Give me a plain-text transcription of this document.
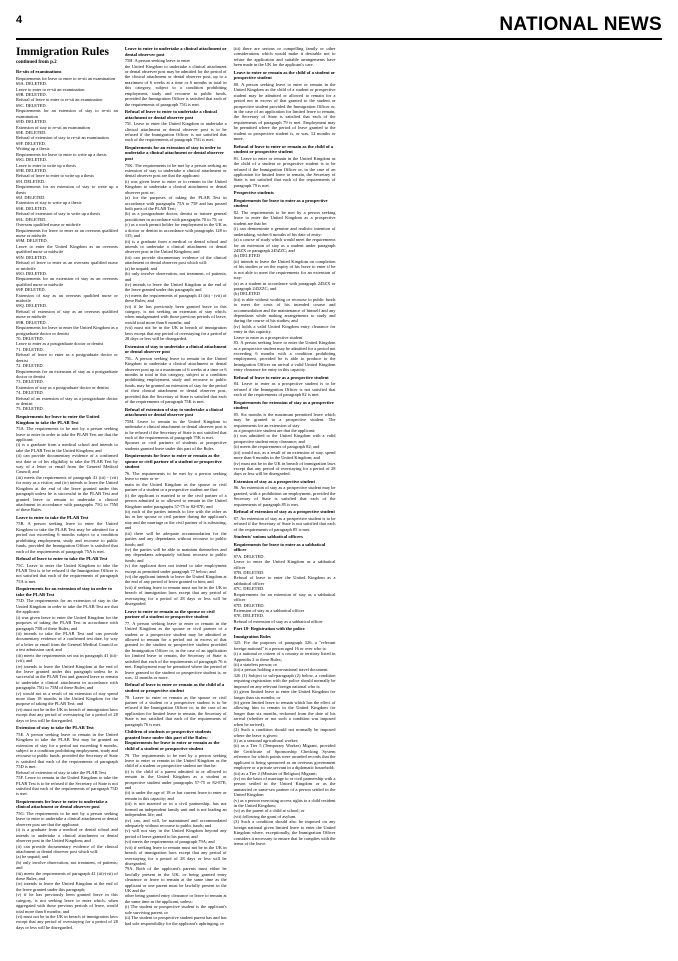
4	NATIONAL NEWS
Immigration Rules
continued from p.2
Re-sits of examinations

Requirements for leave to enter to re-sit an examination

69A. DELETED.

Leave to enter to re-sit an examination

69B. DELETED.

Refusal of leave to enter to re-sit an examination

69C. DELETED.

Requirements for an extension of stay to re-sit an examination

69D. DELETED.

Extension of stay to re-sit an examination

69E. DELETED.

Refusal of extension of stay to re-sit an examination

69F. DELETED.

Writing up a thesis

Requirements for leave to enter to write up a thesis

69G. DELETED.

Leave to enter to write up a thesis

69H. DELETED.

Refusal of leave to enter to write up a thesis

69I. DELETED.

Requirements for an extension of stay to write up a thesis

69J. DELETED.

Extension of stay to write up a thesis

69K. DELETED.

Refusal of extension of stay to write up a thesis

69L. DELETED.

Overseas qualified nurse or midwife

Requirements for leave to enter as an overseas qualified nurse or midwife

69M. DELETED.

Leave to enter the United Kingdom as an overseas qualified nurse or midwife

69N. DELETED.

Refusal of leave to enter as an overseas qualified nurse or midwife

69O. DELETED.

Requirements for an extension of stay as an overseas qualified nurse or midwife

69P. DELETED.

Extension of stay as an overseas qualified nurse or midwife

69Q. DELETED.

Refusal of extension of stay as an overseas qualified nurse or midwife

69R. DELETED.

Requirements for leave to enter the United Kingdom as a postgraduate doctor or dentist

70. DELETED.

Leave to enter as a postgraduate doctor or dentist

71. DELETED.

Refusal of leave to enter as a postgraduate doctor or dentist

72. DELETED.

Requirements for an extension of stay as a postgraduate doctor or dentist

73. DELETED.

Extension of stay as a postgraduate doctor or dentist

74. DELETED.

Refusal of an extension of stay as a postgraduate doctor or dentist

75. DELETED.

Requirements for leave to enter the United Kingdom to take the PLAB Test

75A. The requirements to be met by a person seeking leave to enter in order to take the PLAB Test are that the applicant:

(i) is a graduate from a medical school and intends to take the PLAB Test in the United Kingdom; and

(ii) can provide documentary evidence of a confirmed test date or of his eligibility to take the PLAB Test by way of a letter or email from the General Medical Council; and

(iii) meets the requirements of paragraph 41 (iii) - (vii) for entry as a visitor; and (iv) intends to leave the United Kingdom at the end of the leave granted under this paragraph unless he is successful in the PLAB Test and granted leave to remain to undertake a clinical attachment in accordance with paragraphs 75G to 75M of these Rules.

Leave to enter to take the PLAB Test

75B. A person seeking leave to enter the United Kingdom to take the PLAB Test may be admitted for a period not exceeding 6 months subject to a condition prohibiting employment, study and recourse to public funds, provided the Immigration Officer is satisfied that each of the requirements of paragraph 75A is met.

Refusal of leave to enter to take the PLAB Test

75C. Leave to enter the United Kingdom to take the PLAB Test is to be refused if the Immigration Officer is not satisfied that each of the requirements of paragraph 75A is met.

Requirements for an extension of stay in order to take the PLAB Test

75D. The requirements for an extension of stay in the United Kingdom in order to take the PLAB Test are that the applicant:

(i) was given leave to enter the United Kingdom for the purposes of taking the PLAB Test in accordance with paragraph 75B of these Rules; and

(ii) intends to take the PLAB Test and can provide documentary evidence of a confirmed test date, by way of a letter or email from the General Medical Council or a test admission card; and

(iii) meets the requirements set out in paragraph 41 (iii)-(vii); and

(iv) intends to leave the United Kingdom at the end of the leave granted under this paragraph unless he is successful in the PLAB Test and granted leave to remain to undertake a clinical attachment in accordance with paragraphs 75G to 75M of these Rules; and

(v) would not as a result of an extension of stay spend more than 18 months in the United Kingdom for the purpose of taking the PLAB Test; and

(vi) must not be in the UK in breach of immigration laws except that any period of overstaying for a period of 28 days or less will be disregarded.

Extension of stay to take the PLAB Test

75E. A person seeking leave to remain in the United Kingdom to take the PLAB Test may be granted an extension of stay for a period not exceeding 6 months, subject to a condition prohibiting employment, study and recourse to public funds, provided the Secretary of State is satisfied that each of the requirements of paragraph 75D is met.

Refusal of extension of stay to take the PLAB Test

75F. Leave to remain in the United Kingdom to take the PLAB Test is to be refused if the Secretary of State is not satisfied that each of the requirements of paragraph 75D is met.

Requirements for leave to enter to undertake a clinical attachment or dental observer post

75G. The requirements to be met by a person seeking leave to enter to undertake a clinical attachment or dental observer post are that the applicant:

(i) is a graduate from a medical or dental school and intends to undertake a clinical attachment or dental observer post in the United Kingdom; and

(ii) can provide documentary evidence of the clinical attachment or dental observer post which will:

(a) be unpaid; and

(b) only involve observation, not treatment, of patients; and

(iii) meets the requirements of paragraph 41 (iii)-(vii) of these Rules; and

(iv) intends to leave the United Kingdom at the end of the leave granted under this paragraph;

(v) if he has previously been granted leave in this category, is not seeking leave to enter which, when aggregated with those previous periods of leave, would total more than 6 months; and

(vi) must not be in the UK in breach of immigration laws except that any period of overstaying for a period of 28 days or less will be disregarded.

Leave to enter to undertake a clinical attachment or dental observer post

75H. A person seeking leave to enter

the United Kingdom to undertake a clinical attachment or dental observer post may be admitted for the period of the clinical attachment or dental observer post, up to a maximum of 6 weeks at a time or 6 months in total in this category, subject to a condition prohibiting employment, study and recourse to public funds, provided the Immigration Officer is satisfied that each of the requirements of paragraph 75G is met.

Refusal of leave to enter to undertake a clinical attachment or dental observer post

75I. Leave to enter the United Kingdom to undertake a clinical attachment or dental observer post is to be refused if the Immigration Officer is not satisfied that each of the requirements of paragraph 75G is met.

Requirements for an extension of stay in order to undertake a clinical attachment or dental observer post

75K. The requirements to be met by a person seeking an extension of stay to undertake a clinical attachment or dental observer post are that the applicant:

(i) was given leave to enter or to remain in the United Kingdom to undertake a clinical attachment or dental observer post or;

(a) for the purposes of taking the PLAB Test in accordance with paragraphs 75A to 75F and has passed both parts of the PLAB Test;

(b) as a postgraduate doctor, dentist or trainee general practitioner in accordance with paragraphs 70 to 75; or

(c) as a work permit holder for employment in the UK as a doctor or dentist in accordance with paragraphs 128 to 135; and

(ii) is a graduate from a medical or dental school and intends to undertake a clinical attachment or dental observer post in the United Kingdom; and

(iii) can provide documentary evidence of the clinical attachment or dental observer post which will:

(a) be unpaid; and

(b) only involve observation, not treatment, of patients; and

(iv) intends to leave the United Kingdom at the end of the leave granted under this paragraph; and

(v) meets the requirements of paragraph 41 (iii) - (vii) of these Rules; and

(vi) if he has previously been granted leave in this category, is not seeking an extension of stay which, when amalgamated with those previous periods of leave, would total more than 6 months; and

(vii) must not be in the UK in breach of immigration laws except that any period of overstaying for a period of 28 days or less will be disregarded.

Extension of stay to undertake a clinical attachment or dental observer post

75L. A person seeking leave to remain in the United Kingdom to undertake a clinical attachment or dental observer post up to a maximum of 6 weeks at a time or 6 months in total in this category, subject to a condition prohibiting employment, study and recourse to public funds, may be granted an extension of stay for the period of their clinical attachment or dental observer post, provided that the Secretary of State is satisfied that each of the requirements of paragraph 75K is met.

Refusal of extension of stay to undertake a clinical attachment or dental observer post

75M. Leave to remain in the United Kingdom to undertake a clinical attachment or dental observer post is to be refused if the Secretary of State is not satisfied that each of the requirements of paragraph 75K is met.

Spouses or civil partners of students or prospective students granted leave under this part of the Rules

Requirements for leave to enter or remain as the spouse or civil partner of a student or prospective student

76. The requirements to be met by a person seeking leave to enter or re-

main in the United Kingdom as the spouse or civil partner of a student or a prospective student are that:

(i) the applicant is married to or the civil partner of a person admitted to or allowed to remain in the United Kingdom under paragraphs 57-75 or 82-87E; and

(ii) each of the parties intends to live with the other as his or her spouse or civil partner during the applicant's stay and the marriage or the civil partner of is subsisting; and

(iii) there will be adequate accommodation for the parties and any dependants without recourse to public funds; and

(iv) the parties will be able to maintain themselves and any dependants adequately without recourse to public funds; and

(v) the applicant does not intend to take employment except as permitted under paragraph 77 below; and

(vi) the applicant intends to leave the United Kingdom at the end of any period of leave granted to him; and

(vii) if seeking leave to remain must not be in the UK in breach of immigration laws except that any period of overstaying for a period of 28 days or less will be disregarded.

Leave to enter or remain as the spouse or civil partner of a student or prospective student

77. A person seeking leave to enter or remain in the United Kingdom as the spouse or civil partner of a student or a prospective student may be admitted or allowed to remain for a period not in excess of that granted to the student or prospective student provided the Immigration Officer or, in the case of an application for limited leave to remain, the Secretary of State is satisfied that each of the requirements of paragraph 76 is met. Employment may be permitted where the period of leave granted to the student or prospective student is, or was, 12 months or more.

Refusal of leave to enter or remain as the child of a student or prospective student

78. Leave to enter or remain as the spouse or civil partner of a student or a prospective student is to be refused if the Immigration Officer or, in the case of an application for limited leave to remain, the Secretary of State is not satisfied that each of the requirements of paragraph 76 is met.

Children of students or prospective students granted leave under this part of the Rules: Requirements for leave to enter or remain as the child of a student or prospective student

79. The requirements to be met by a person seeking leave to enter or remain in the United Kingdom as the child of a student or prospective student are that he:

(i) is the child of a parent admitted to or allowed to remain in the United Kingdom as a student or prospective student under paragraphs 57-75 or 82-87E; and

(ii) is under the age of 18 or has current leave to enter or remain in this capacity; and

(iii) is not married or in a civil partnership, has not formed an independent family unit and is not leading an independent life; and

(iv) can, and will, be maintained and accommodated adequately without recourse to public funds; and

(v) will not stay in the United Kingdom beyond any period of leave granted to his parent; and

(vi) meets the requirements of paragraph 79A; and

(vii) if seeking leave to remain must not be in the UK in breach of immigration laws except that any period of overstaying for a period of 28 days or less will be disregarded.

79A. Both of the applicant's parents must either be lawfully present in the UK, or being granted entry clearance or leave to remain at the same time as the applicant or one parent must be lawfully present in the UK and the

other being granted entry clearance or leave to remain at the same time as the applicant, unless:

(i) The student or prospective student is the applicant's sole surviving parent, or

(ii) The student or prospective student parent has and has had sole responsibility for the applicant's upbringing, or

(iii) there are serious or compelling family or other considerations which would make it desirable not to refuse the application and suitable arrangements have been made in the UK for the applicant's care.

Leave to enter or remain as the child of a student or prospective student

80. A person seeking leave to enter or remain in the United Kingdom as the child of a student or prospective student may be admitted or allowed to remain for a period not in excess of that granted to the student or prospective student provided the Immigration Officer or, in the case of an application for limited leave to remain, the Secretary of State is satisfied that each of the requirements of paragraph 79 is met. Employment may be permitted where the period of leave granted to the student or prospective student is, or was, 12 months or more.

Refusal of leave to enter or remain as the child of a student or prospective student

81. Leave to enter or remain in the United Kingdom as the child of a student or prospective student is to be refused if the Immigration Officer or, in the case of an application for limited leave to remain, the Secretary of State is not satisfied that each of the requirements of paragraph 79 is met.

Prospective students

Requirements for leave to enter as a prospective student

82. The requirements to be met by a person seeking leave to enter the United Kingdom as a prospective student are that he:

(i) can demonstrate a genuine and realistic intention of undertaking, within 6 months of his date of entry:

(a) a course of study which would meet the requirements for an extension of stay as a student under paragraph 245ZX or paragraph 245ZZC; and

(b) DELETED

(ii) intends to leave the United Kingdom on completion of his studies or on the expiry of his leave to enter if he is not able to meet the requirements for an extension of stay:

(a) as a student in accordance with paragraph 245ZX or paragraph 245ZZC; and

(b) DELETED

(iii) is able without working or recourse to public funds to meet the costs of his intended course and accommodation and the maintenance of himself and any dependants while making arrangements to study and during the course of his studies; and

(iv) holds a valid United Kingdom entry clearance for entry in this capacity.

Leave to enter as a prospective student

83. A person seeking leave to enter the United Kingdom as a prospective student may be admitted for a period not exceeding 6 months with a condition prohibiting employment, provided he is able to produce to the Immigration Officer on arrival a valid United Kingdom entry clearance for entry in this capacity.

Refusal of leave to enter as a prospective student

84. Leave to enter as a prospective student is to be refused if the Immigration Officer is not satisfied that each of the requirements of paragraph 82 is met.

Requirements for extension of stay as a prospective student

85. Six months is the maximum permitted leave which may be granted to a prospective student. The requirements for an extension of stay

as a prospective student are that the applicant:

(i) was admitted to the United Kingdom with a valid prospective student entry clearance; and

(ii) meets the requirements of paragraph 82; and

(iii) would not, as a result of an extension of stay, spend more than 6 months in the United Kingdom; and

(iv) must not be in the UK in breach of immigration laws except that any period of overstaying for a period of 28 days or less will be disregarded.

Extension of stay as a prospective student

86. An extension of stay as a prospective student may be granted, with a prohibition on employment, provided the Secretary of State is satisfied that each of the requirements of paragraph 85 is met.

Refusal of extension of stay as a prospective student

87. An extension of stay as a prospective student is to be refused if the Secretary of State is not satisfied that each of the requirements of paragraph 85 is met.

Students' unions sabbatical officers

Requirements for leave to enter as a sabbatical officer

87A. DELETED.

Leave to enter the United Kingdom as a sabbatical officer

87B. DELETED.

Refusal of leave to enter the United Kingdom as a sabbatical officer

87C. DELETED.

Requirements for an extension of stay as a sabbatical officer

87D. DELETED.

Extension of stay as a sabbatical officer

87E. DELETED.

Refusal of extension of stay as a sabbatical officer

Part 10- Registration with the police

Immigration Rules

325. For the purposes of paragraph 326, a "relevant foreign national" is a person aged 16 or over who is:

(i) a national or citizen of a country or territory listed in Appendix 2 to these Rules;

(ii) a stateless person; or

(iii) a person holding a non-national travel document.

326 (1) Subject to sub-paragraph (2) below, a condition requiring registration with the police should normally be imposed on any relevant foreign national who is:

(i) given limited leave to enter the United Kingdom for longer than six months; or

(ii) given limited leave to remain which has the effect of allowing him to remain in the United Kingdom for longer than six months, reckoned from the date of his arrival (whether or not such a condition was imposed when he arrived).

(2) Such a condition should not normally be imposed where the leave is given:

(i) as a seasonal agricultural worker;

(ii) as a Tier 5 (Temporary Worker) Migrant, provided the Certificate of Sponsorship Checking System reference for which points were awarded records that the applicant is being sponsored as an overseas government employee or a private servant in a diplomatic household;

(iii) as a Tier 2 (Minister of Religion) Migrant;

(iv) on the basis of marriage to or civil partnership with a person settled in the United Kingdom or as the unmarried or same-sex partner of a person settled in the United Kingdom

(v) as a person exercising access rights to a child resident in the United Kingdom;

(vi) as the parent of a child at school; or

(vii) following the grant of asylum.

(3) Such a condition should also be imposed on any foreign national given limited leave to enter the United Kingdom where, exceptionally, the Immigration Officer considers it necessary to ensure that he complies with the terms of the leave.
